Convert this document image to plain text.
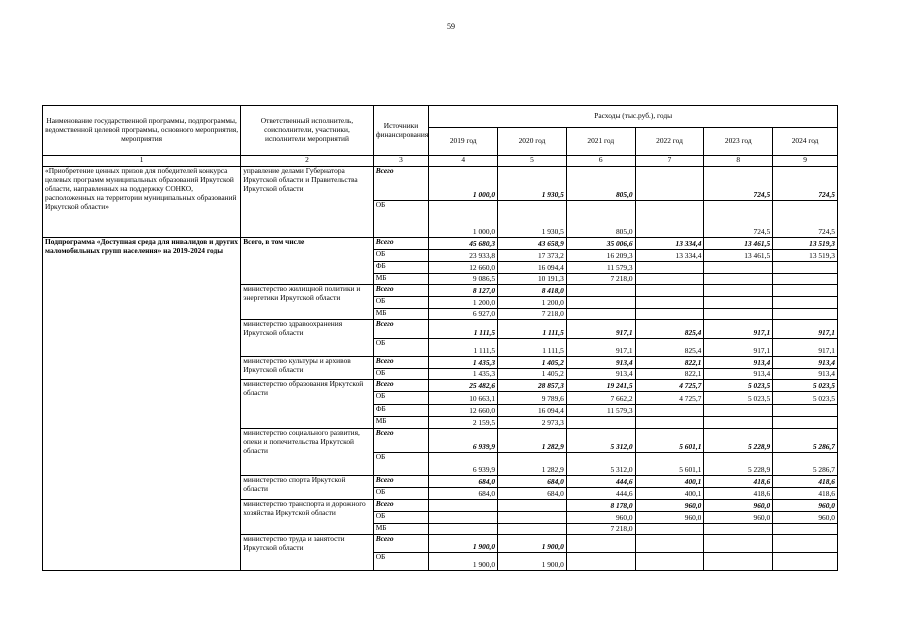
59
Наименование государственной программы, подпрограммы, ведомственной целевой программы, основного мероприятия, мероприятия	Ответственный исполнитель, соисполнители, участники, исполнители мероприятий	Источники финансирования	Расходы (тыс.руб.), годы					
			2019 год	2020 год	2021 год	2022 год	2023 год	2024 год
1	2	3	4	5	6	7	8	9
«Приобретение ценных призов для победителей конкурса целевых программ муниципальных образований Иркутской области, направленных на поддержку СОНКО, расположенных на территории муниципальных образований Иркутской области»	управление делами Губернатора Иркутской области и Правительства Иркутской области	Всего	1 000,0	1 930,5	805,0		724,5	724,5
		ОБ	1 000,0	1 930,5	805,0		724,5	724,5
Подпрограмма «Доступная среда для инвалидов и других маломобильных групп населения» на 2019-2024 годы	Всего, в том числе	Всего	45 680,3	43 658,9	35 006,6	13 334,4	13 461,5	13 519,3
		ОБ	23 933,8	17 373,2	16 209,3	13 334,4	13 461,5	13 519,3
		ФБ	12 660,0	16 094,4	11 579,3			
		МБ	9 086,5	10 191,3	7 218,0			
	министерство жилищной политики и энергетики Иркутской области	Всего	8 127,0	8 418,0				
		ОБ	1 200,0	1 200,0				
		МБ	6 927,0	7 218,0				
	министерство здравоохранения Иркутской области	Всего	1 111,5	1 111,5	917,1	825,4	917,1	917,1
		ОБ	1 111,5	1 111,5	917,1	825,4	917,1	917,1
	министерство культуры и архивов Иркутской области	Всего	1 435,3	1 405,2	913,4	822,1	913,4	913,4
		ОБ	1 435,3	1 405,2	913,4	822,1	913,4	913,4
	министерство образования Иркутской области	Всего	25 482,6	28 857,3	19 241,5	4 725,7	5 023,5	5 023,5
		ОБ	10 663,1	9 789,6	7 662,2	4 725,7	5 023,5	5 023,5
		ФБ	12 660,0	16 094,4	11 579,3			
		МБ	2 159,5	2 973,3				
	министерство социального развития, опеки и попечительства Иркутской области	Всего	6 939,9	1 282,9	5 312,0	5 601,1	5 228,9	5 286,7
		ОБ	6 939,9	1 282,9	5 312,0	5 601,1	5 228,9	5 286,7
	министерство спорта Иркутской области	Всего	684,0	684,0	444,6	400,1	418,6	418,6
		ОБ	684,0	684,0	444,6	400,1	418,6	418,6
	министерство транспорта и дорожного хозяйства Иркутской области	Всего			8 178,0	960,0	960,0	960,0
		ОБ			960,0	960,0	960,0	960,0
		МБ			7 218,0			
	министерство труда и занятости Иркутской области	Всего	1 900,0	1 900,0				
		ОБ	1 900,0	1 900,0				
